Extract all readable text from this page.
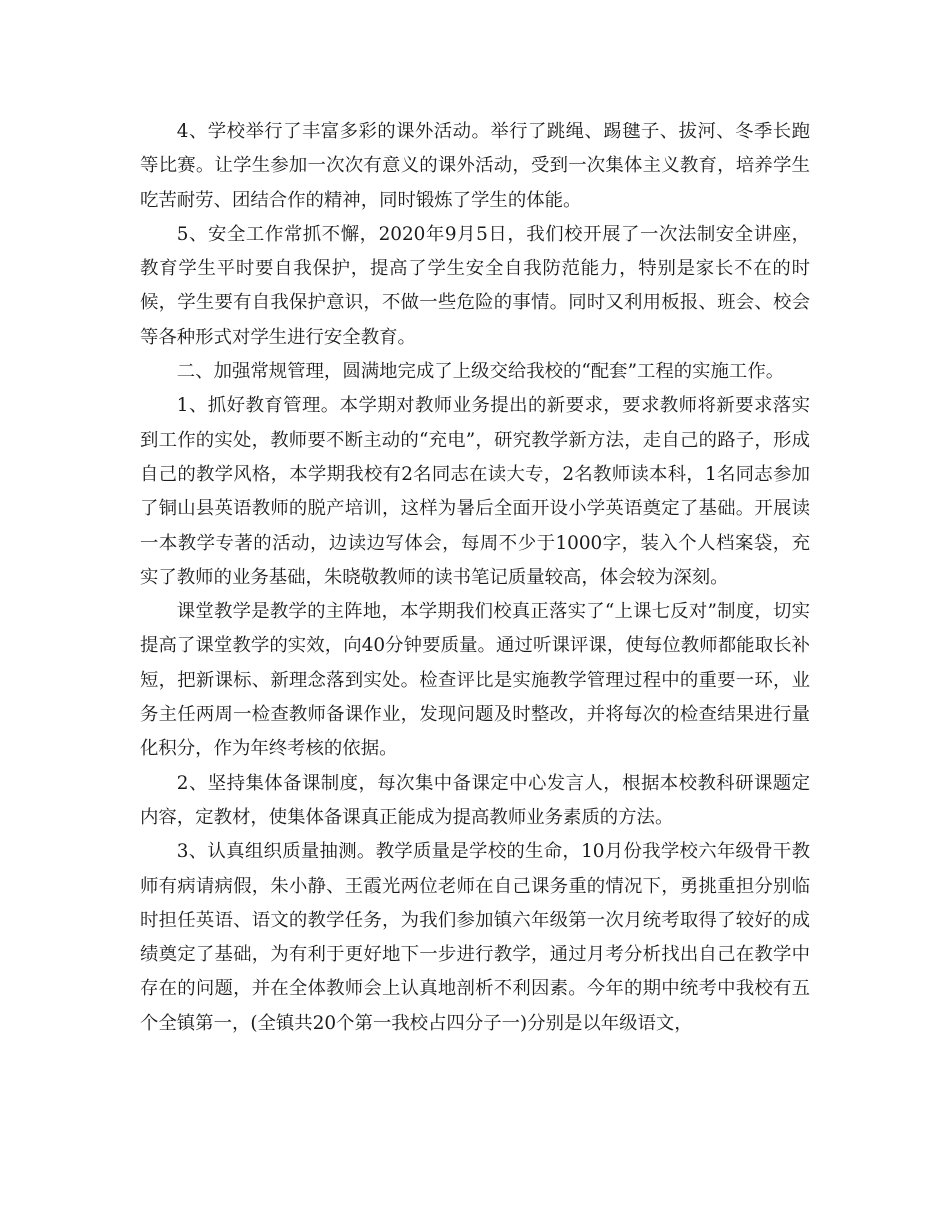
4、学校举行了丰富多彩的课外活动。举行了跳绳、踢毽子、拔河、冬季长跑等比赛。让学生参加一次次有意义的课外活动，受到一次集体主义教育，培养学生吃苦耐劳、团结合作的精神，同时锻炼了学生的体能。

5、安全工作常抓不懈，2020年9月5日，我们校开展了一次法制安全讲座，教育学生平时要自我保护，提高了学生安全自我防范能力，特别是家长不在的时候，学生要有自我保护意识，不做一些危险的事情。同时又利用板报、班会、校会等各种形式对学生进行安全教育。

二、加强常规管理，圆满地完成了上级交给我校的“配套”工程的实施工作。

1、抓好教育管理。本学期对教师业务提出的新要求，要求教师将新要求落实到工作的实处，教师要不断主动的“充电”，研究教学新方法，走自己的路子，形成自己的教学风格，本学期我校有2名同志在读大专，2名教师读本科，1名同志参加了铜山县英语教师的脱产培训，这样为暑后全面开设小学英语奠定了基础。开展读一本教学专著的活动，边读边写体会，每周不少于1000字，装入个人档案袋，充实了教师的业务基础，朱晓敬教师的读书笔记质量较高，体会较为深刻。

课堂教学是教学的主阵地，本学期我们校真正落实了“上课七反对”制度，切实提高了课堂教学的实效，向40分钟要质量。通过听课评课，使每位教师都能取长补短，把新课标、新理念落到实处。检查评比是实施教学管理过程中的重要一环，业务主任两周一检查教师备课作业，发现问题及时整改，并将每次的检查结果进行量化积分，作为年终考核的依据。

2、坚持集体备课制度，每次集中备课定中心发言人，根据本校教科研课题定内容，定教材，使集体备课真正能成为提高教师业务素质的方法。

3、认真组织质量抽测。教学质量是学校的生命，10月份我学校六年级骨干教师有病请病假，朱小静、王霞光两位老师在自己课务重的情况下，勇挑重担分别临时担任英语、语文的教学任务，为我们参加镇六年级第一次月统考取得了较好的成绩奠定了基础，为有利于更好地下一步进行教学，通过月考分析找出自己在教学中存在的问题，并在全体教师会上认真地剖析不利因素。今年的期中统考中我校有五个全镇第一，(全镇共20个第一我校占四分子一)分别是以年级语文，
